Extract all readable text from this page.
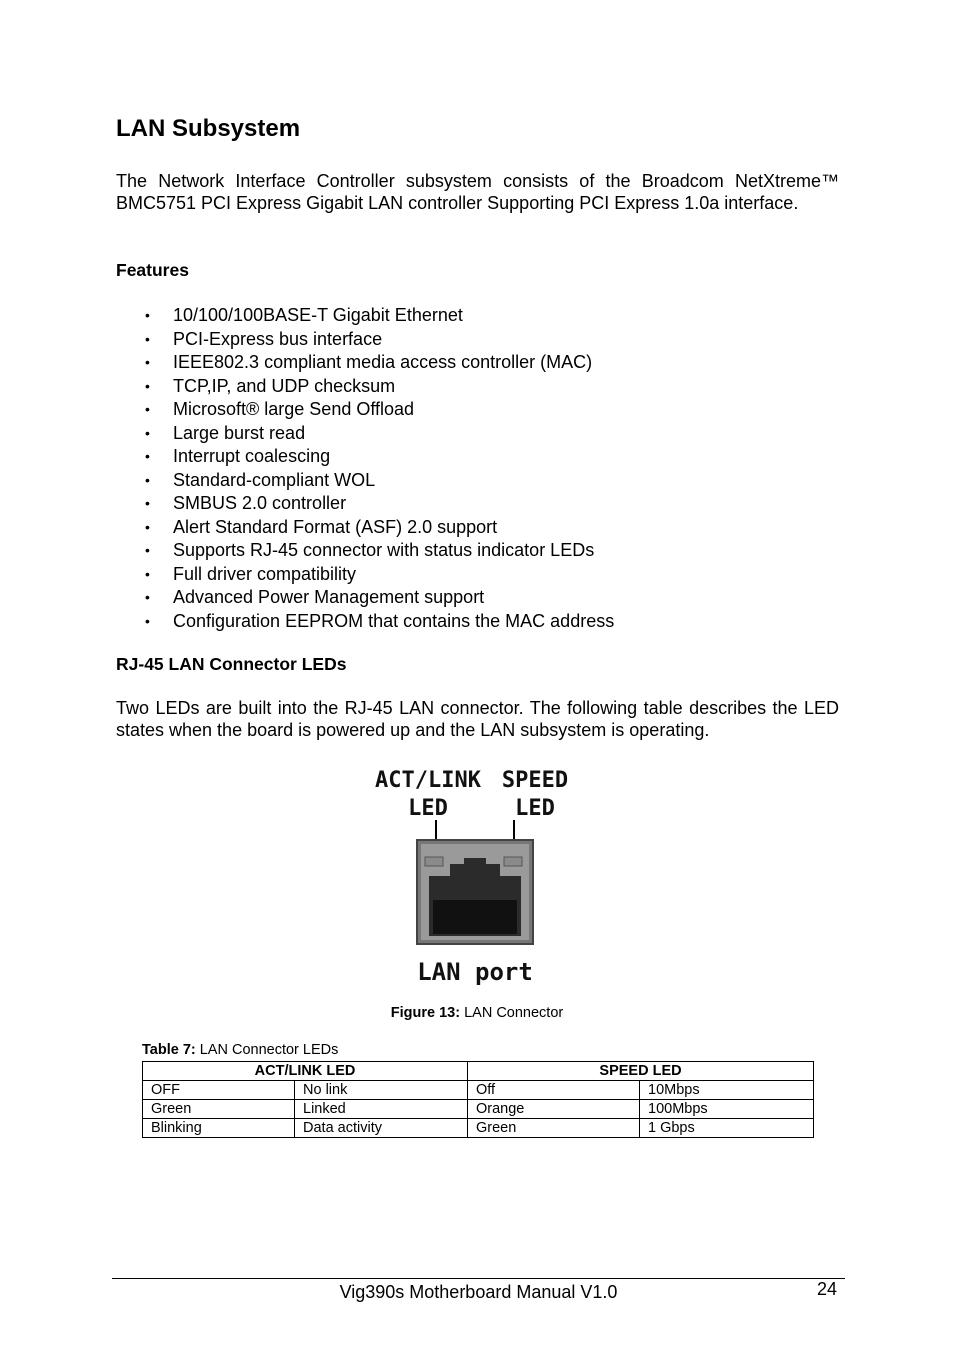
LAN Subsystem

The Network Interface Controller subsystem consists of the Broadcom NetXtreme™ BMC5751 PCI Express Gigabit LAN controller Supporting PCI Express 1.0a interface.

Features
• 10/100/100BASE-T Gigabit Ethernet
• PCI-Express bus interface
• IEEE802.3 compliant media access controller (MAC)
• TCP,IP, and UDP checksum
• Microsoft® large Send Offload
• Large burst read
• Interrupt coalescing
• Standard-compliant WOL
• SMBUS 2.0 controller
• Alert Standard Format (ASF) 2.0 support
• Supports RJ-45 connector with status indicator LEDs
• Full driver compatibility
• Advanced Power Management support
• Configuration EEPROM that contains the MAC address
RJ-45 LAN Connector LEDs

Two LEDs are built into the RJ-45 LAN connector. The following table describes the LED states when the board is powered up and the LAN subsystem is operating.

ACT/LINK
LED
SPEED
LED
LAN port
Figure 13: LAN Connector
Table 7: LAN Connector LEDs
ACT/LINK LED		SPEED LED	
OFF	No link	Off	10Mbps
Green	Linked	Orange	100Mbps
Blinking	Data activity	Green	1 Gbps
Vig390s Motherboard Manual V1.0	24
